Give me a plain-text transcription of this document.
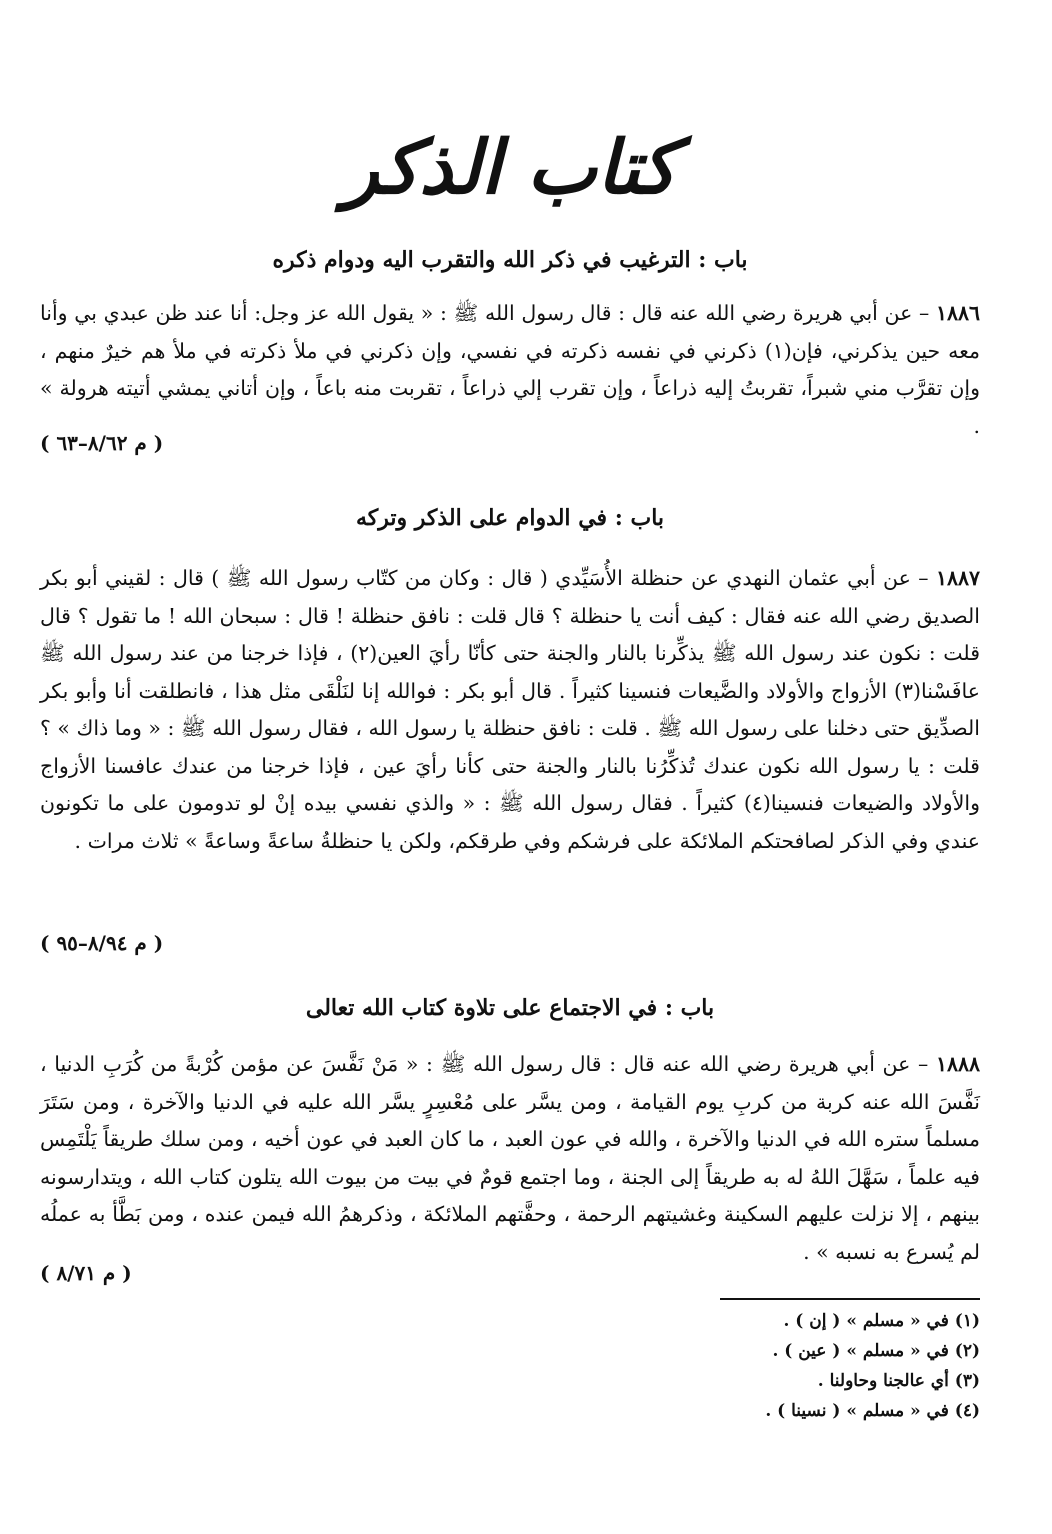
كتاب الذكر
باب : الترغيب في ذكر الله والتقرب اليه ودوام ذكره
١٨٨٦ – عن أبي هريرة رضي الله عنه قال : قال رسول الله ﷺ : « يقول الله عز وجل: أنا عند ظن عبدي بي وأنا معه حين يذكرني، فإن(١) ذكرني في نفسه ذكرته في نفسي، وإن ذكرني في ملأ ذكرته في ملأ هم خيرٌ منهم ، وإن تقرَّب مني شبراً، تقربتُ إليه ذراعاً ، وإن تقرب إلي ذراعاً ، تقربت منه باعاً ، وإن أتاني يمشي أتيته هرولة » .
( م ٨/٦٢–٦٣ )
باب : في الدوام على الذكر وتركه
١٨٨٧ – عن أبي عثمان النهدي عن حنظلة الأُسَيِّدي ( قال : وكان من كتّاب رسول الله ﷺ ) قال : لقيني أبو بكر الصديق رضي الله عنه فقال : كيف أنت يا حنظلة ؟ قال قلت : نافق حنظلة ! قال : سبحان الله ! ما تقول ؟ قال قلت : نكون عند رسول الله ﷺ يذكِّرنا بالنار والجنة حتى كأنّا رأيَ العين(٢) ، فإذا خرجنا من عند رسول الله ﷺ عافَسْنا(٣) الأزواج والأولاد والضَّيعات فنسينا كثيراً . قال أبو بكر : فوالله إنا لنَلْقَى مثل هذا ، فانطلقت أنا وأبو بكر الصدِّيق حتى دخلنا على رسول الله ﷺ . قلت : نافق حنظلة يا رسول الله ، فقال رسول الله ﷺ : « وما ذاك » ؟ قلت : يا رسول الله نكون عندك تُذكِّرُنا بالنار والجنة حتى كأنا رأيَ عين ، فإذا خرجنا من عندك عافسنا الأزواج والأولاد والضيعات فنسينا(٤) كثيراً . فقال رسول الله ﷺ : « والذي نفسي بيده إنْ لو تدومون على ما تكونون عندي وفي الذكر لصافحتكم الملائكة على فرشكم وفي طرقكم، ولكن يا حنظلةُ ساعةً وساعةً » ثلاث مرات .
( م ٨/٩٤–٩٥ )
باب : في الاجتماع على تلاوة كتاب الله تعالى
١٨٨٨ – عن أبي هريرة رضي الله عنه قال : قال رسول الله ﷺ : « مَنْ نَفَّسَ عن مؤمن كُرْبةً من كُرَبِ الدنيا ، نَفَّسَ الله عنه كربة من كربِ يوم القيامة ، ومن يسَّر على مُعْسِرٍ يسَّر الله عليه في الدنيا والآخرة ، ومن سَتَرَ مسلماً ستره الله في الدنيا والآخرة ، والله في عون العبد ، ما كان العبد في عون أخيه ، ومن سلك طريقاً يَلْتَمِس فيه علماً ، سَهَّلَ اللهُ له به طريقاً إلى الجنة ، وما اجتمع قومٌ في بيت من بيوت الله يتلون كتاب الله ، ويتدارسونه بينهم ، إلا نزلت عليهم السكينة وغشيتهم الرحمة ، وحفَّتهم الملائكة ، وذكرهمُ الله فيمن عنده ، ومن بَطَّأ به عملُه لم يُسرع به نسبه » .
( م ٨/٧١ )
(١) في « مسلم » ( إن ) .
(٢) في « مسلم » ( عين ) .
(٣) أي عالجنا وحاولنا .
(٤) في « مسلم » ( نسينا ) .
